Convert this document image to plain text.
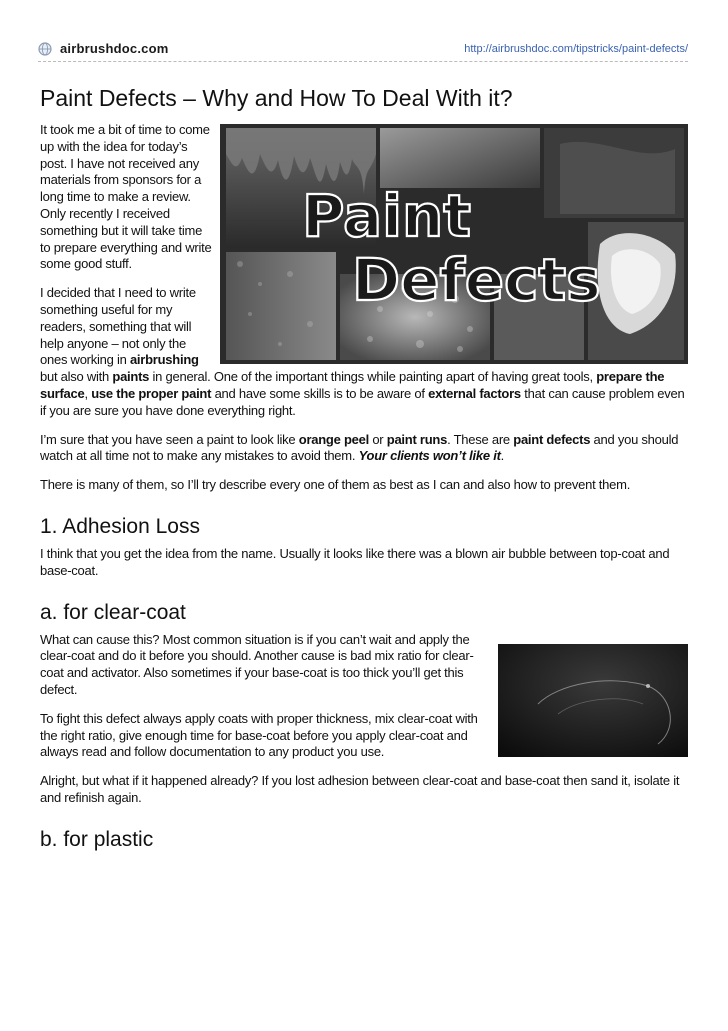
airbrushdoc.com	http://airbrushdoc.com/tipstricks/paint-defects/
Paint Defects – Why and How To Deal With it?
Paint
Defects

It took me a bit of time to come up with the idea for today’s post. I have not received any materials from sponsors for a long time to make a review. Only recently I received something but it will take time to prepare everything and write some good stuff.

I decided that I need to write something useful for my readers, something that will help anyone – not only the ones working in airbrushing but also with paints in general. One of the important things while painting apart of having great tools, prepare the surface, use the proper paint and have some skills is to be aware of external factors that can cause problem even if you are sure you have done everything right.

I’m sure that you have seen a paint to look like orange peel or paint runs. These are paint defects and you should watch at all time not to make any mistakes to avoid them. Your clients won’t like it.

There is many of them, so I’ll try describe every one of them as best as I can and also how to prevent them.

1. Adhesion Loss

I think that you get the idea from the name. Usually it looks like there was a blown air bubble between top-coat and base-coat.

a. for clear-coat

What can cause this? Most common situation is if you can’t wait and apply the clear-coat and do it before you should. Another cause is bad mix ratio for clear-coat and activator. Also sometimes if your base-coat is too thick you’ll get this defect.

To fight this defect always apply coats with proper thickness, mix clear-coat with the right ratio, give enough time for base-coat before you apply clear-coat and always read and follow documentation to any product you use.

Alright, but what if it happened already? If you lost adhesion between clear-coat and base-coat then sand it, isolate it and refinish again.

b. for plastic
